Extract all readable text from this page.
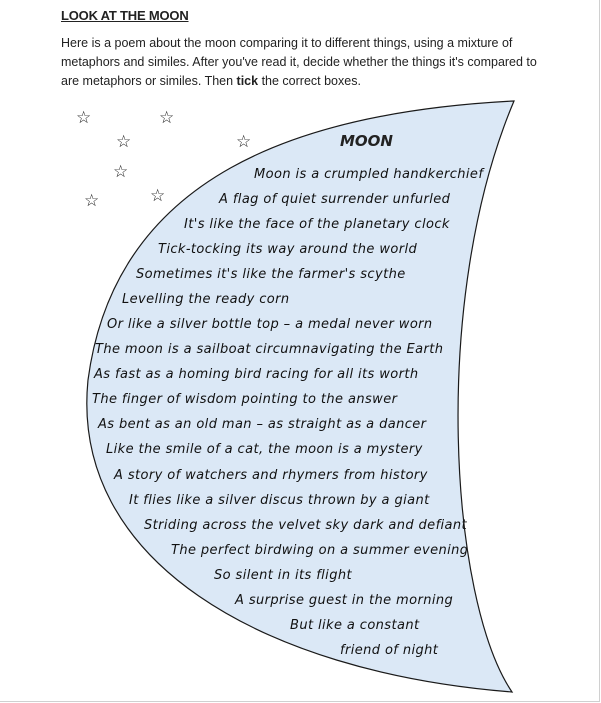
LOOK AT THE MOON
Here is a poem about the moon comparing it to different things, using a mixture of metaphors and similes. After you've read it, decide whether the things it's compared to are metaphors or similes. Then tick the correct boxes.
☆	☆
☆	☆
☆
☆	☆
MOON
Moon is a crumpled handkerchief
A flag of quiet surrender unfurled
It's like the face of the planetary clock
Tick-tocking its way around the world
Sometimes it's like the farmer's scythe
Levelling the ready corn
Or like a silver bottle top – a medal never worn
The moon is a sailboat circumnavigating the Earth
As fast as a homing bird racing for all its worth
The finger of wisdom pointing to the answer
As bent as an old man – as straight as a dancer
Like the smile of a cat, the moon is a mystery
A story of watchers and rhymers from history
It flies like a silver discus thrown by a giant
Striding across the velvet sky dark and defiant
The perfect birdwing on a summer evening
So silent in its flight
A surprise guest in the morning
But like a constant
friend of night
